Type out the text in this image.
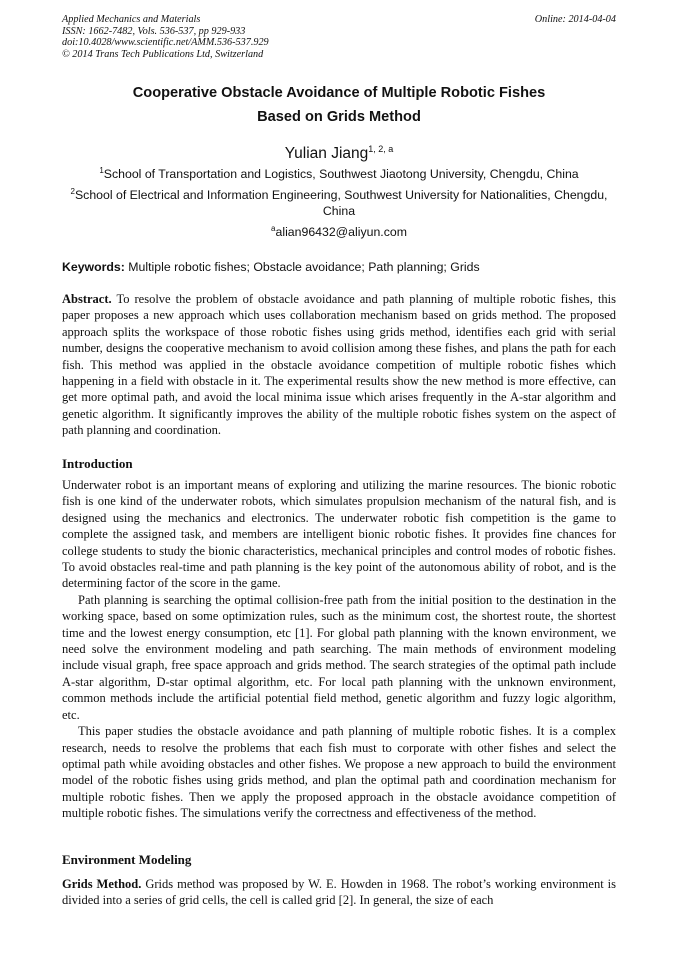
Applied Mechanics and Materials
ISSN: 1662-7482, Vols. 536-537, pp 929-933
doi:10.4028/www.scientific.net/AMM.536-537.929
© 2014 Trans Tech Publications Ltd, Switzerland
Online: 2014-04-04
Cooperative Obstacle Avoidance of Multiple Robotic Fishes
Based on Grids Method
Yulian Jiang$^{1, 2, a}$
$^1$School of Transportation and Logistics, Southwest Jiaotong University, Chengdu, China
$^2$School of Electrical and Information Engineering, Southwest University for Nationalities, Chengdu, China
$^a$alian96432@aliyun.com
Keywords: Multiple robotic fishes; Obstacle avoidance; Path planning; Grids

Abstract. To resolve the problem of obstacle avoidance and path planning of multiple robotic fishes, this paper proposes a new approach which uses collaboration mechanism based on grids method. The proposed approach splits the workspace of those robotic fishes using grids method, identifies each grid with serial number, designs the cooperative mechanism to avoid collision among these fishes, and plans the path for each fish. This method was applied in the obstacle avoidance competition of multiple robotic fishes which happening in a field with obstacle in it. The experimental results show the new method is more effective, can get more optimal path, and avoid the local minima issue which arises frequently in the A-star algorithm and genetic algorithm. It significantly improves the ability of the multiple robotic fishes system on the aspect of path planning and coordination.

Introduction

Underwater robot is an important means of exploring and utilizing the marine resources. The bionic robotic fish is one kind of the underwater robots, which simulates propulsion mechanism of the natural fish, and is designed using the mechanics and electronics. The underwater robotic fish competition is the game to complete the assigned task, and members are intelligent bionic robotic fishes. It provides fine chances for college students to study the bionic characteristics, mechanical principles and control modes of robotic fishes. To avoid obstacles real-time and path planning is the key point of the autonomous ability of robot, and is the determining factor of the score in the game.

Path planning is searching the optimal collision-free path from the initial position to the destination in the working space, based on some optimization rules, such as the minimum cost, the shortest route, the shortest time and the lowest energy consumption, etc [1]. For global path planning with the known environment, we need solve the environment modeling and path searching. The main methods of environment modeling include visual graph, free space approach and grids method. The search strategies of the optimal path include A-star algorithm, D-star optimal algorithm, etc. For local path planning with the unknown environment, common methods include the artificial potential field method, genetic algorithm and fuzzy logic algorithm, etc.

This paper studies the obstacle avoidance and path planning of multiple robotic fishes. It is a complex research, needs to resolve the problems that each fish must to corporate with other fishes and select the optimal path while avoiding obstacles and other fishes. We propose a new approach to build the environment model of the robotic fishes using grids method, and plan the optimal path and coordination mechanism for multiple robotic fishes. Then we apply the proposed approach in the obstacle avoidance competition of multiple robotic fishes. The simulations verify the correctness and effectiveness of the method.

Environment Modeling

Grids Method. Grids method was proposed by W. E. Howden in 1968. The robot’s working environment is divided into a series of grid cells, the cell is called grid [2]. In general, the size of each
